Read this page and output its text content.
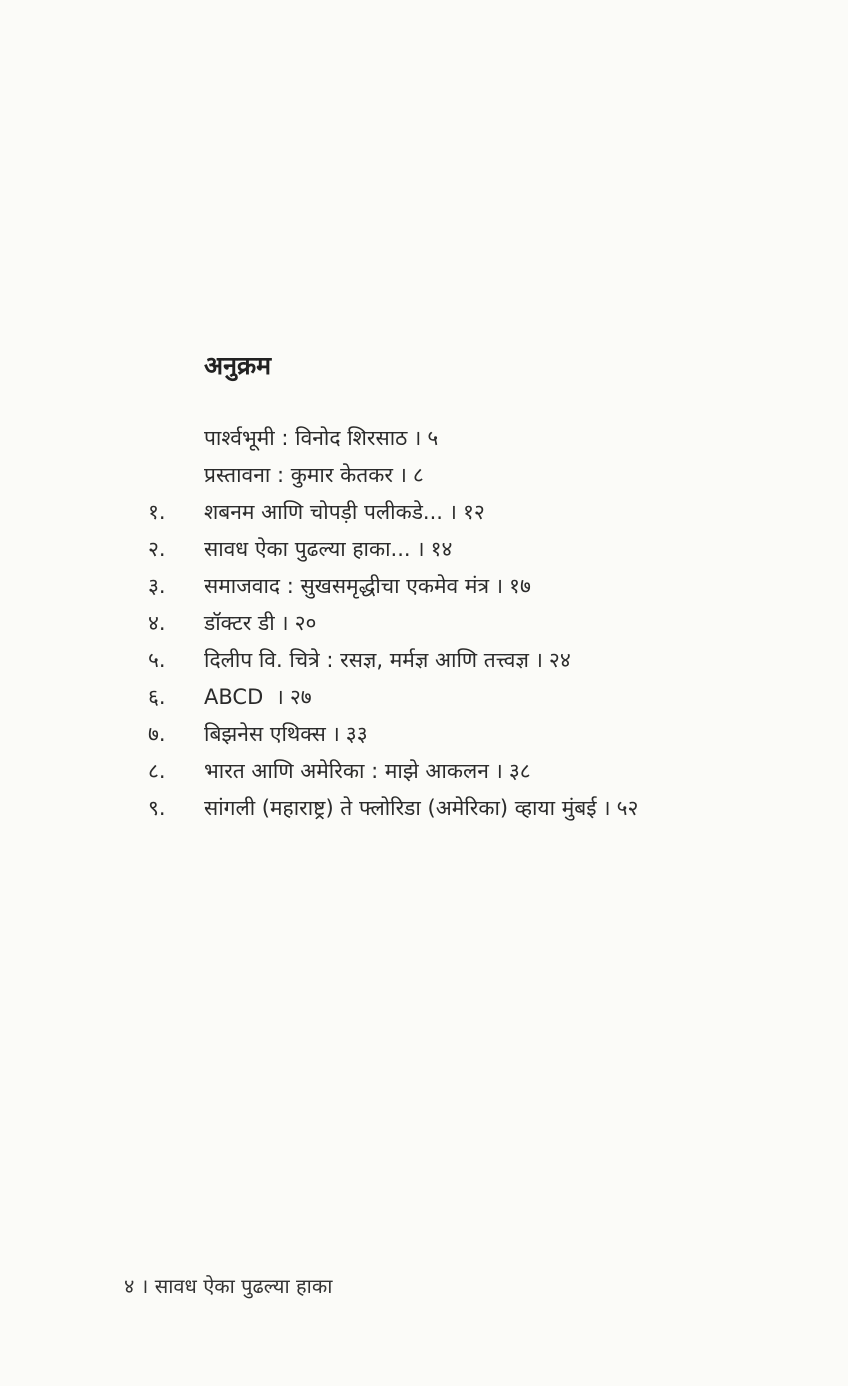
अनुक्रम
पार्श्वभूमी : विनोद शिरसाठ । ५
प्रस्तावना : कुमार केतकर । ८
१. शबनम आणि चोपड़ी पलीकडे... । १२
२. सावध ऐका पुढल्या हाका... । १४
३. समाजवाद : सुखसमृद्धीचा एकमेव मंत्र । १७
४. डॉक्टर डी । २०
५. दिलीप वि. चित्रे : रसज्ञ, मर्मज्ञ आणि तत्त्वज्ञ । २४
६. ABCD । २७
७. बिझनेस एथिक्स । ३३
८. भारत आणि अमेरिका : माझे आकलन । ३८
९. सांगली (महाराष्ट्र) ते फ्लोरिडा (अमेरिका) व्हाया मुंबई । ५२
४ । सावध ऐका पुढल्या हाका
